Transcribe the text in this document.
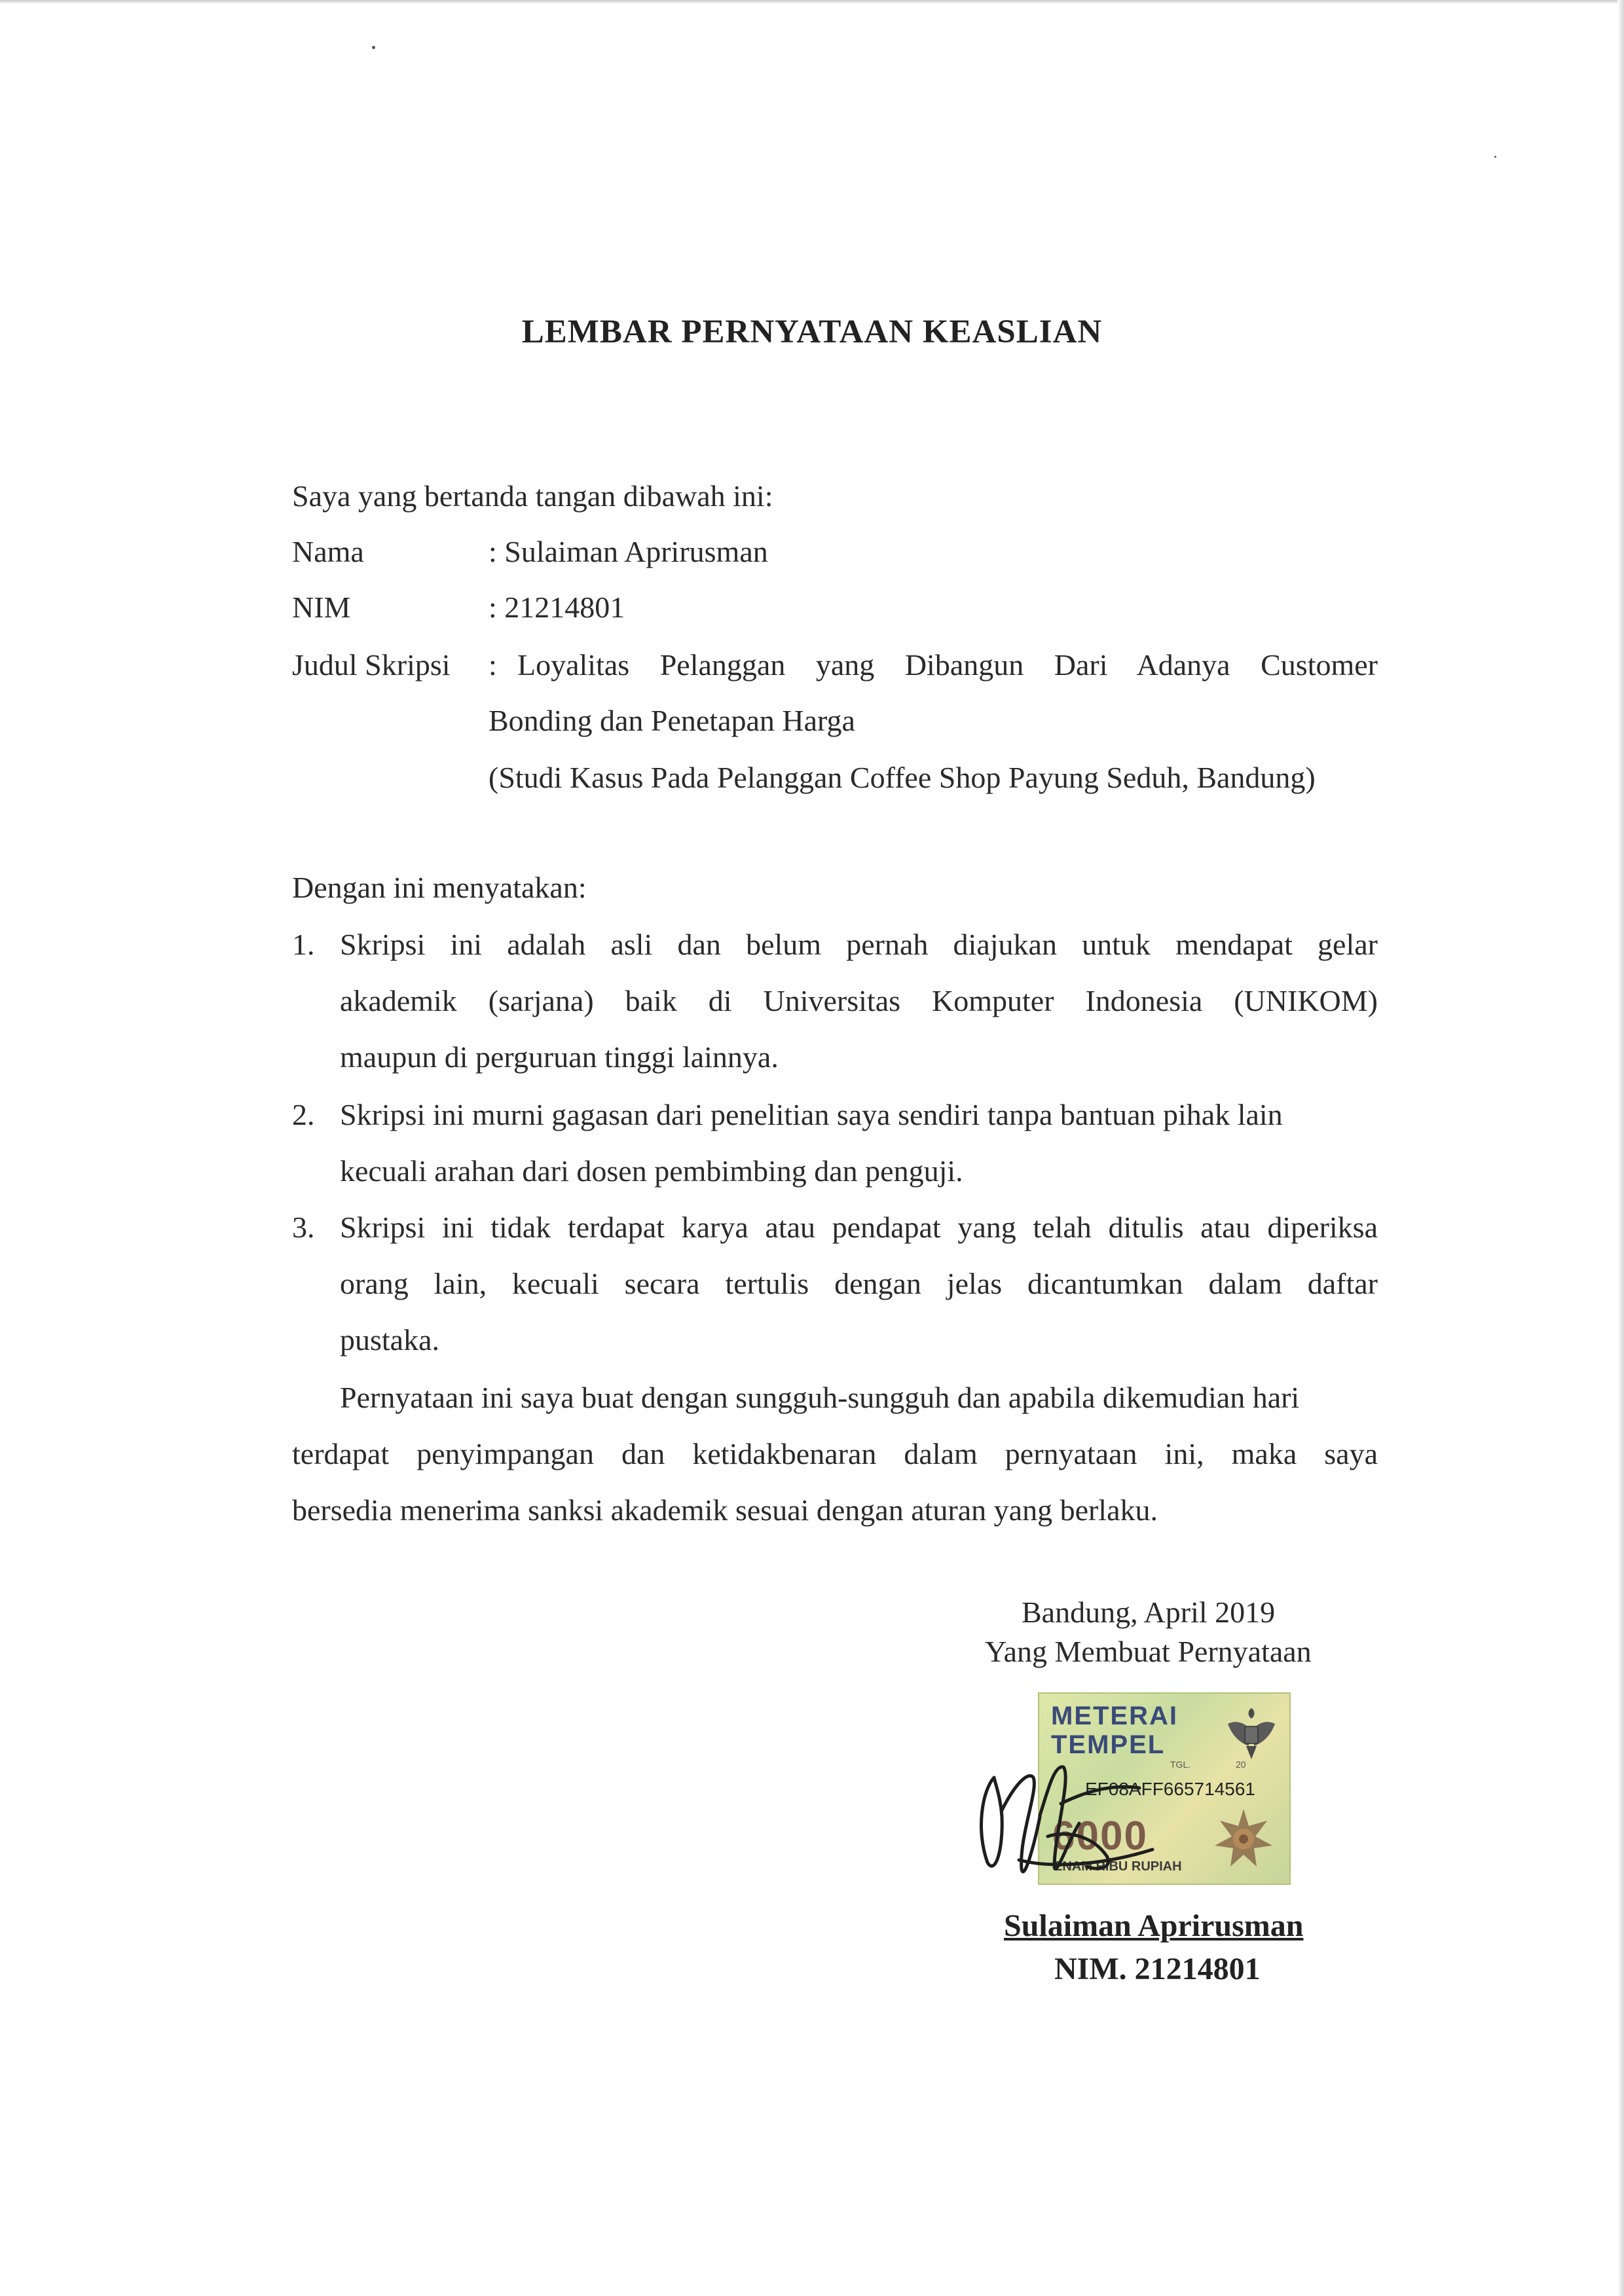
LEMBAR PERNYATAAN KEASLIAN
Saya yang bertanda tangan dibawah ini:
Nama	: Sulaiman Aprirusman
NIM	: 21214801
Judul Skripsi : Loyalitas Pelanggan yang Dibangun Dari Adanya Customer
Bonding dan Penetapan Harga
(Studi Kasus Pada Pelanggan Coffee Shop Payung Seduh, Bandung)
Dengan ini menyatakan:
1. Skripsi ini adalah asli dan belum pernah diajukan untuk mendapat gelar
akademik (sarjana) baik di Universitas Komputer Indonesia (UNIKOM)
maupun di perguruan tinggi lainnya.
2. Skripsi ini murni gagasan dari penelitian saya sendiri tanpa bantuan pihak lain
kecuali arahan dari dosen pembimbing dan penguji.
3. Skripsi ini tidak terdapat karya atau pendapat yang telah ditulis atau diperiksa
orang lain, kecuali secara tertulis dengan jelas dicantumkan dalam daftar
pustaka.
Pernyataan ini saya buat dengan sungguh-sungguh dan apabila dikemudian hari
terdapat penyimpangan dan ketidakbenaran dalam pernyataan ini, maka saya
bersedia menerima sanksi akademik sesuai dengan aturan yang berlaku.
Bandung, April 2019
Yang Membuat Pernyataan
METERAI
TEMPEL
TGL.	20
EF08AFF665714561
6000
ENAM RIBU RUPIAH
Sulaiman Aprirusman
NIM. 21214801
